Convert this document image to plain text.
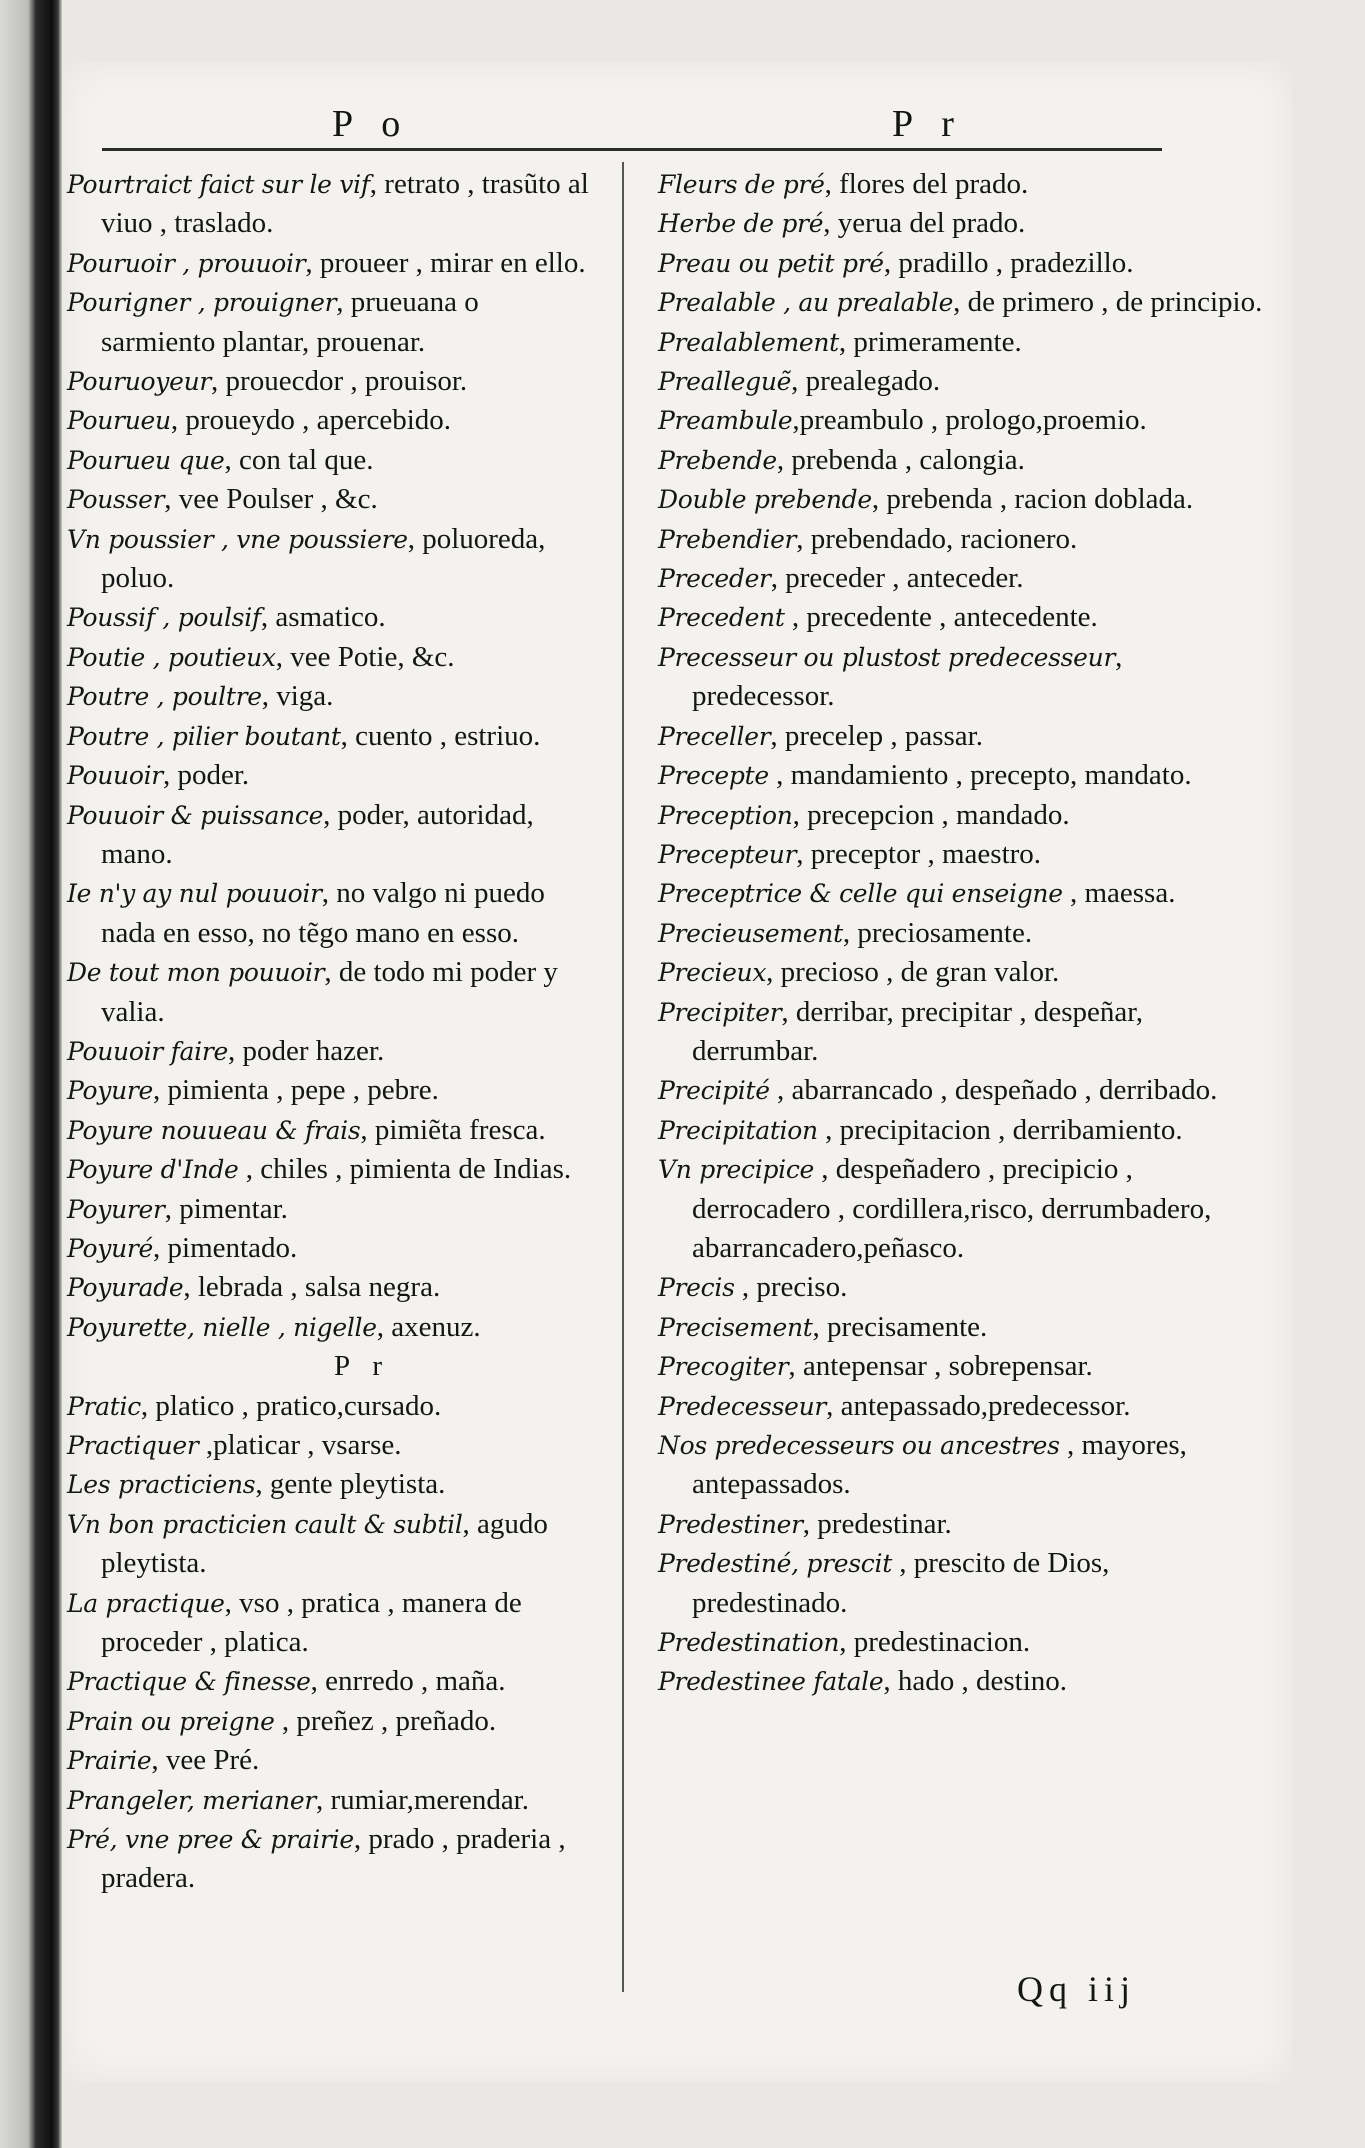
P o	P r

Pourtraict faict sur le vif, retrato , trasũto al viuo , traslado.

Pouruoir , prouuoir, proueer , mirar en ello.

Pourigner , prouigner, prueuana o sarmiento plantar, prouenar.

Pouruoyeur, prouecdor , prouisor.

Pourueu, proueydo , apercebido.

Pourueu que, con tal que.

Pousser, vee Poulser , &c.

Vn poussier , vne poussiere, poluoreda, poluo.

Poussif , poulsif, asmatico.

Poutie , poutieux, vee Potie, &c.

Poutre , poultre, viga.

Poutre , pilier boutant, cuento , estriuo.

Pouuoir, poder.

Pouuoir & puissance, poder, autoridad, mano.

Ie n'y ay nul pouuoir, no valgo ni puedo nada en esso, no tẽgo mano en esso.

De tout mon pouuoir, de todo mi poder y valia.

Pouuoir faire, poder hazer.

Poyure, pimienta , pepe , pebre.

Poyure nouueau & frais, pimiẽta fresca.

Poyure d'Inde , chiles , pimienta de Indias.

Poyurer, pimentar.

Poyuré, pimentado.

Poyurade, lebrada , salsa negra.

Poyurette, nielle , nigelle, axenuz.

P r

Pratic, platico , pratico,cursado.

Practiquer ,platicar , vsarse.

Les practiciens, gente pleytista.

Vn bon practicien cault & subtil, agudo pleytista.

La practique, vso , pratica , manera de proceder , platica.

Practique & finesse, enrredo , maña.

Prain ou preigne , preñez , preñado.

Prairie, vee Pré.

Prangeler, merianer, rumiar,merendar.

Pré, vne pree & prairie, prado , praderia , pradera.

Fleurs de pré, flores del prado.

Herbe de pré, yerua del prado.

Preau ou petit pré, pradillo , pradezillo.

Prealable , au prealable, de primero , de principio.

Prealablement, primeramente.

Prealleguẽ, prealegado.

Preambule,preambulo , prologo,proemio.

Prebende, prebenda , calongia.

Double prebende, prebenda , racion doblada.

Prebendier, prebendado, racionero.

Preceder, preceder , anteceder.

Precedent , precedente , antecedente.

Precesseur ou plustost predecesseur, predecessor.

Preceller, precelер , passar.

Precepte , mandamiento , precepto, mandato.

Preception, precepcion , mandado.

Precepteur, preceptor , maestro.

Preceptrice & celle qui enseigne , maessa.

Precieusement, preciosamente.

Precieux, precioso , de gran valor.

Precipiter, derribar, precipitar , despeñar, derrumbar.

Precipité , abarrancado , despeñado , derribado.

Precipitation , precipitacion , derribamiento.

Vn precipice , despeñadero , precipicio , derrocadero , cordillera,risco, derrumbadero, abarrancadero,peñasco.

Precis , preciso.

Precisement, precisamente.

Precogiter, antepensar , sobrepensar.

Predecesseur, antepassado,predecessor.

Nos predecesseurs ou ancestres , mayores, antepassados.

Predestiner, predestinar.

Predestiné, prescit , prescito de Dios, predestinado.

Predestination, predestinacion.

Predestinee fatale, hado , destino.

Qq iij
